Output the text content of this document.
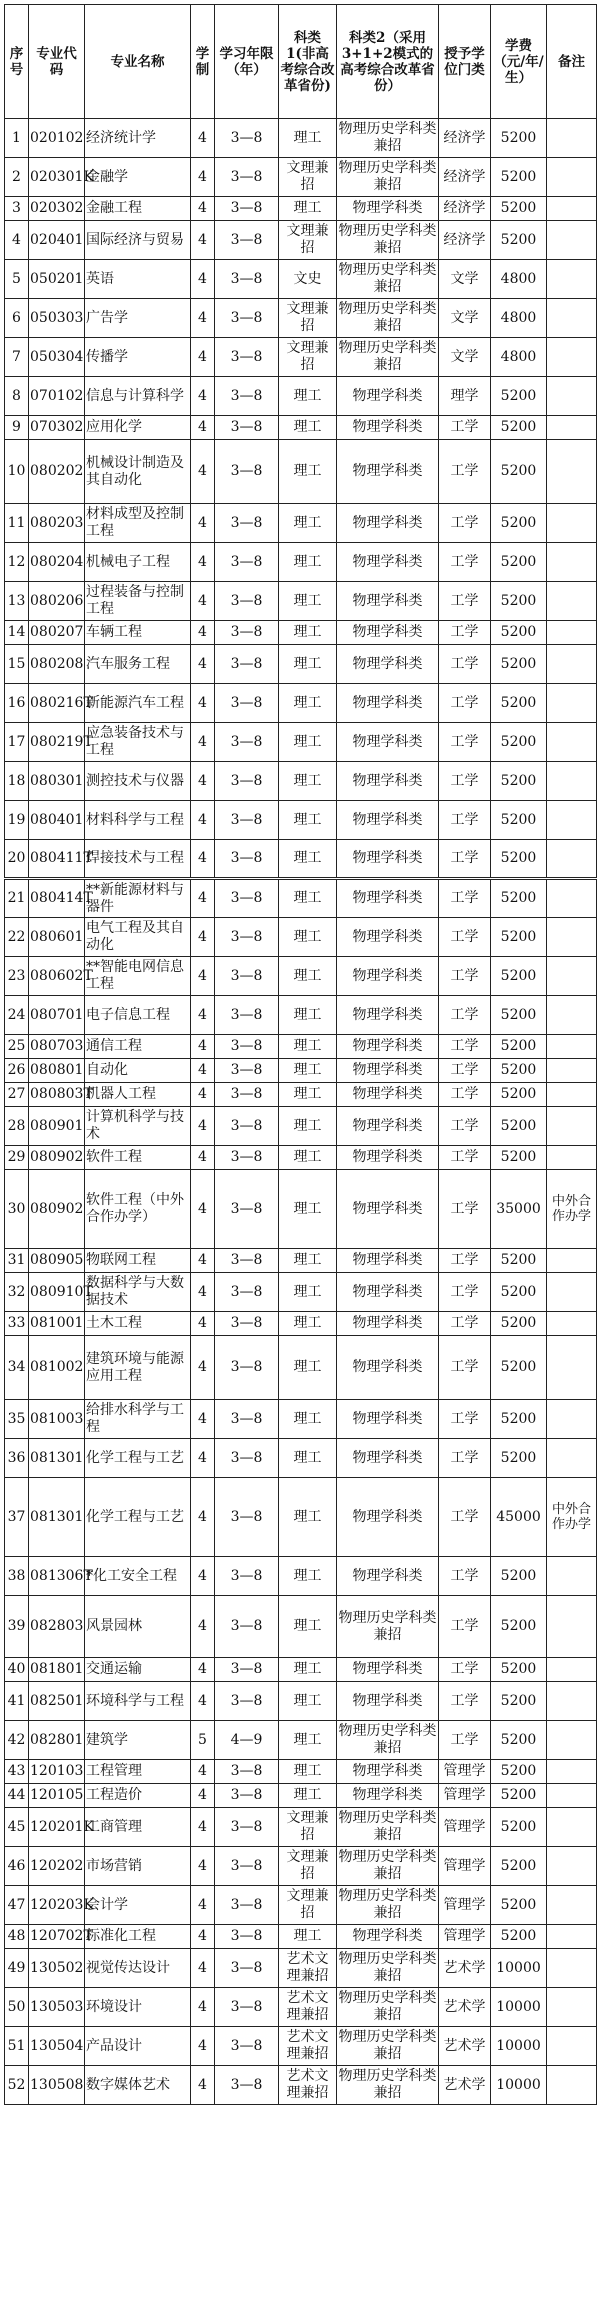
序号	专业代码	专业名称	学制	学习年限（年）	科类1(非高考综合改革省份)	科类2（采用3+1+2模式的高考综合改革省份）	授予学位门类	学费（元/年/生）	备注
1	020102	经济统计学	4	3—8	理工	物理历史学科类兼招	经济学	5200	
2	020301K	金融学	4	3—8	文理兼招	物理历史学科类兼招	经济学	5200	
3	020302	金融工程	4	3—8	理工	物理学科类	经济学	5200	
4	020401	国际经济与贸易	4	3—8	文理兼招	物理历史学科类兼招	经济学	5200	
5	050201	英语	4	3—8	文史	物理历史学科类兼招	文学	4800	
6	050303	广告学	4	3—8	文理兼招	物理历史学科类兼招	文学	4800	
7	050304	传播学	4	3—8	文理兼招	物理历史学科类兼招	文学	4800	
8	070102	信息与计算科学	4	3—8	理工	物理学科类	理学	5200	
9	070302	应用化学	4	3—8	理工	物理学科类	工学	5200	
10	080202	机械设计制造及其自动化	4	3—8	理工	物理学科类	工学	5200	
11	080203	材料成型及控制工程	4	3—8	理工	物理学科类	工学	5200	
12	080204	机械电子工程	4	3—8	理工	物理学科类	工学	5200	
13	080206	过程装备与控制工程	4	3—8	理工	物理学科类	工学	5200	
14	080207	车辆工程	4	3—8	理工	物理学科类	工学	5200	
15	080208	汽车服务工程	4	3—8	理工	物理学科类	工学	5200	
16	080216T	新能源汽车工程	4	3—8	理工	物理学科类	工学	5200	
17	080219T	应急装备技术与工程	4	3—8	理工	物理学科类	工学	5200	
18	080301	测控技术与仪器	4	3—8	理工	物理学科类	工学	5200	
19	080401	材料科学与工程	4	3—8	理工	物理学科类	工学	5200	
20	080411T	焊接技术与工程	4	3—8	理工	物理学科类	工学	5200	
21	080414T	**新能源材料与器件	4	3—8	理工	物理学科类	工学	5200	
22	080601	电气工程及其自动化	4	3—8	理工	物理学科类	工学	5200	
23	080602T	**智能电网信息工程	4	3—8	理工	物理学科类	工学	5200	
24	080701	电子信息工程	4	3—8	理工	物理学科类	工学	5200	
25	080703	通信工程	4	3—8	理工	物理学科类	工学	5200	
26	080801	自动化	4	3—8	理工	物理学科类	工学	5200	
27	080803T	机器人工程	4	3—8	理工	物理学科类	工学	5200	
28	080901	计算机科学与技术	4	3—8	理工	物理学科类	工学	5200	
29	080902	软件工程	4	3—8	理工	物理学科类	工学	5200	
30	080902	软件工程（中外合作办学）	4	3—8	理工	物理学科类	工学	35000	中外合作办学
31	080905	物联网工程	4	3—8	理工	物理学科类	工学	5200	
32	080910T	数据科学与大数据技术	4	3—8	理工	物理学科类	工学	5200	
33	081001	土木工程	4	3—8	理工	物理学科类	工学	5200	
34	081002	建筑环境与能源应用工程	4	3—8	理工	物理学科类	工学	5200	
35	081003	给排水科学与工程	4	3—8	理工	物理学科类	工学	5200	
36	081301	化学工程与工艺	4	3—8	理工	物理学科类	工学	5200	
37	081301	化学工程与工艺	4	3—8	理工	物理学科类	工学	45000	中外合作办学
38	081306T	*化工安全工程	4	3—8	理工	物理学科类	工学	5200	
39	082803	风景园林	4	3—8	理工	物理历史学科类兼招	工学	5200	
40	081801	交通运输	4	3—8	理工	物理学科类	工学	5200	
41	082501	环境科学与工程	4	3—8	理工	物理学科类	工学	5200	
42	082801	建筑学	5	4—9	理工	物理历史学科类兼招	工学	5200	
43	120103	工程管理	4	3—8	理工	物理学科类	管理学	5200	
44	120105	工程造价	4	3—8	理工	物理学科类	管理学	5200	
45	120201K	工商管理	4	3—8	文理兼招	物理历史学科类兼招	管理学	5200	
46	120202	市场营销	4	3—8	文理兼招	物理历史学科类兼招	管理学	5200	
47	120203K	会计学	4	3—8	文理兼招	物理历史学科类兼招	管理学	5200	
48	120702T	标准化工程	4	3—8	理工	物理学科类	管理学	5200	
49	130502	视觉传达设计	4	3—8	艺术文理兼招	物理历史学科类兼招	艺术学	10000	
50	130503	环境设计	4	3—8	艺术文理兼招	物理历史学科类兼招	艺术学	10000	
51	130504	产品设计	4	3—8	艺术文理兼招	物理历史学科类兼招	艺术学	10000	
52	130508	数字媒体艺术	4	3—8	艺术文理兼招	物理历史学科类兼招	艺术学	10000	
